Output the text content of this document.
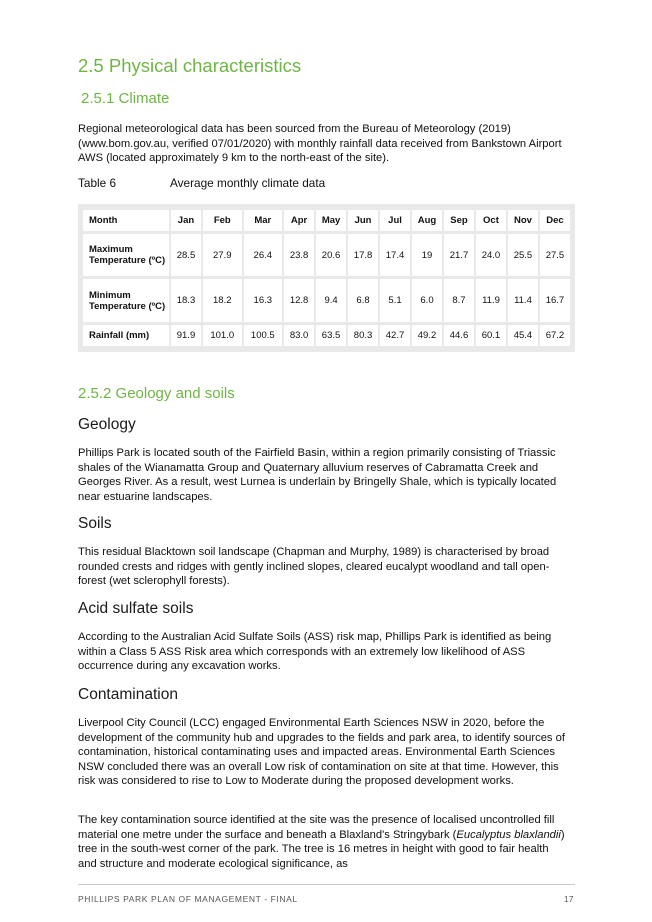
2.5 Physical characteristics
2.5.1 Climate
Regional meteorological data has been sourced from the Bureau of Meteorology (2019) (www.bom.gov.au, verified 07/01/2020) with monthly rainfall data received from Bankstown Airport AWS (located approximately 9 km to the north-east of the site).
Table 6	Average monthly climate data
Month	Jan	Feb	Mar	Apr	May	Jun	Jul	Aug	Sep	Oct	Nov	Dec
Maximum
Temperature (ºC)	28.5	27.9	26.4	23.8	20.6	17.8	17.4	19	21.7	24.0	25.5	27.5
Minimum
Temperature (ºC)	18.3	18.2	16.3	12.8	9.4	6.8	5.1	6.0	8.7	11.9	11.4	16.7
Rainfall (mm)	91.9	101.0	100.5	83.0	63.5	80.3	42.7	49.2	44.6	60.1	45.4	67.2
2.5.2 Geology and soils
Geology
Phillips Park is located south of the Fairfield Basin, within a region primarily consisting of Triassic shales of the Wianamatta Group and Quaternary alluvium reserves of Cabramatta Creek and Georges River. As a result, west Lurnea is underlain by Bringelly Shale, which is typically located near estuarine landscapes.
Soils
This residual Blacktown soil landscape (Chapman and Murphy, 1989) is characterised by broad rounded crests and ridges with gently inclined slopes, cleared eucalypt woodland and tall open-forest (wet sclerophyll forests).
Acid sulfate soils
According to the Australian Acid Sulfate Soils (ASS) risk map, Phillips Park is identified as being within a Class 5 ASS Risk area which corresponds with an extremely low likelihood of ASS occurrence during any excavation works.
Contamination
Liverpool City Council (LCC) engaged Environmental Earth Sciences NSW in 2020, before the development of the community hub and upgrades to the fields and park area, to identify sources of contamination, historical contaminating uses and impacted areas. Environmental Earth Sciences NSW concluded there was an overall Low risk of contamination on site at that time. However, this risk was considered to rise to Low to Moderate during the proposed development works.
The key contamination source identified at the site was the presence of localised uncontrolled fill material one metre under the surface and beneath a Blaxland's Stringybark (Eucalyptus blaxlandii) tree in the south-west corner of the park. The tree is 16 metres in height with good to fair health and structure and moderate ecological significance, as
PHILLIPS PARK PLAN OF MANAGEMENT - FINAL	17
